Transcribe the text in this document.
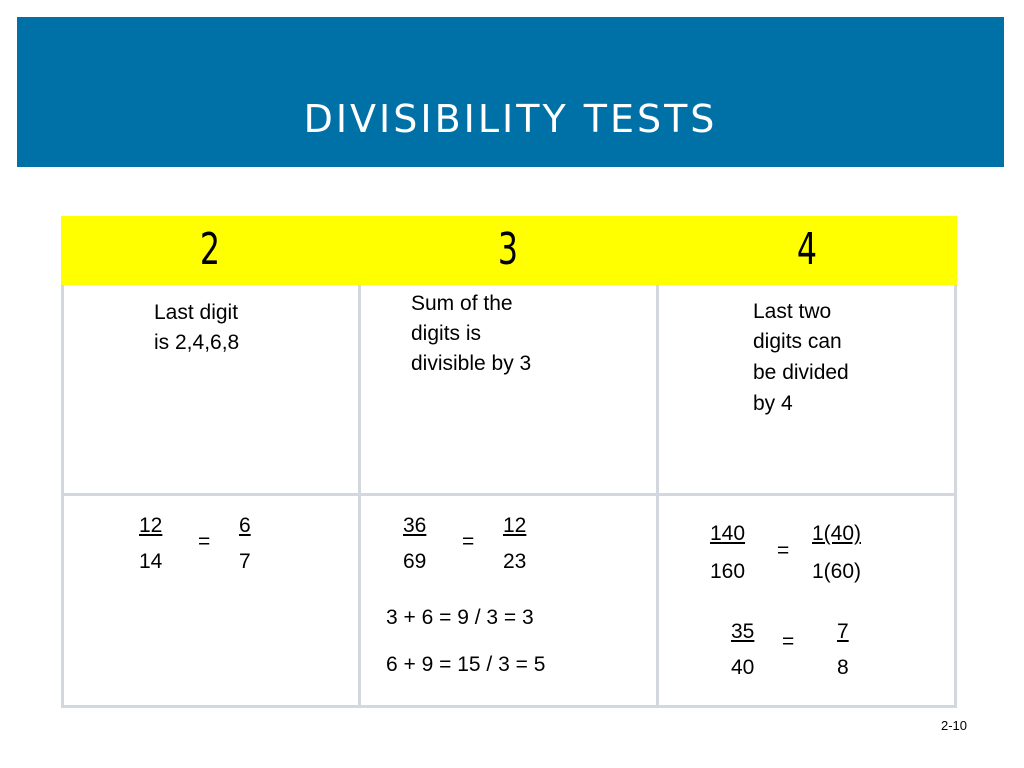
DIVISIBILITY TESTS
2	3	4
Last digit
is 2,4,6,8
Sum of the
digits is
divisible by 3
Last two
digits can
be divided
by 4
12
14
=
6
7
36
69
=
12
23
3 + 6 = 9 / 3 = 3
6 + 9 = 15 / 3 = 5
140
160
=
1(40)
1(60)
35
40
= 7
8
2-10
